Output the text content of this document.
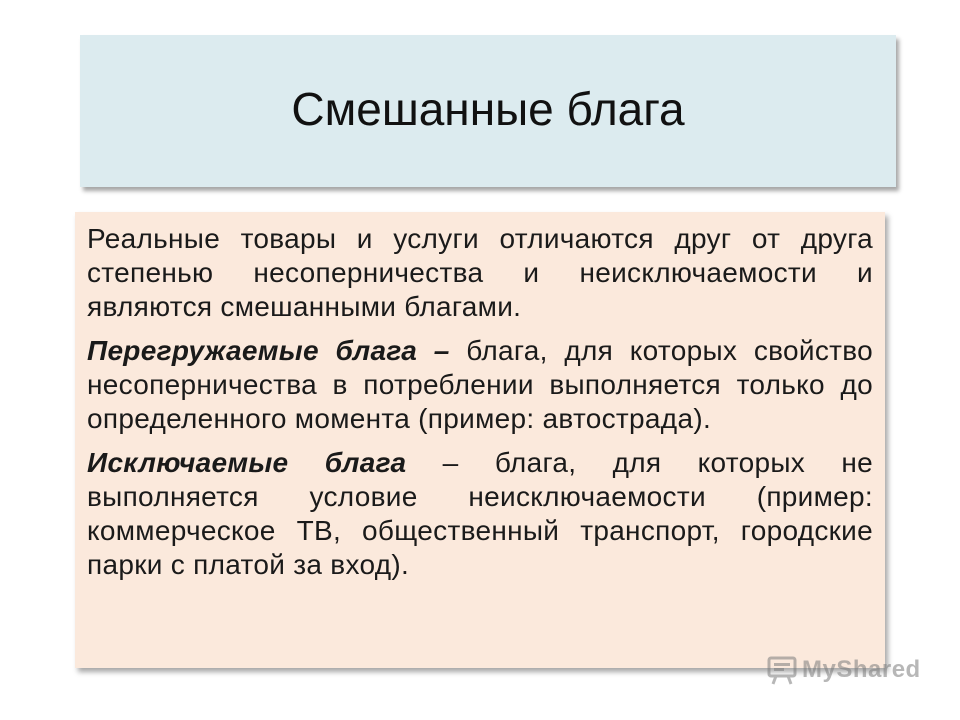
Смешанные блага

Реальные товары и услуги отличаются друг от друга степенью несоперничества и неисключаемости и являются смешанными благами.

Перегружаемые блага – блага, для которых свойство несоперничества в потреблении выполняется только до определенного момента (пример: автострада).

Исключаемые блага – блага, для которых не выполняется условие неисключаемости (пример: коммерческое ТВ, общественный транспорт, городские парки с платой за вход).

MyShared
